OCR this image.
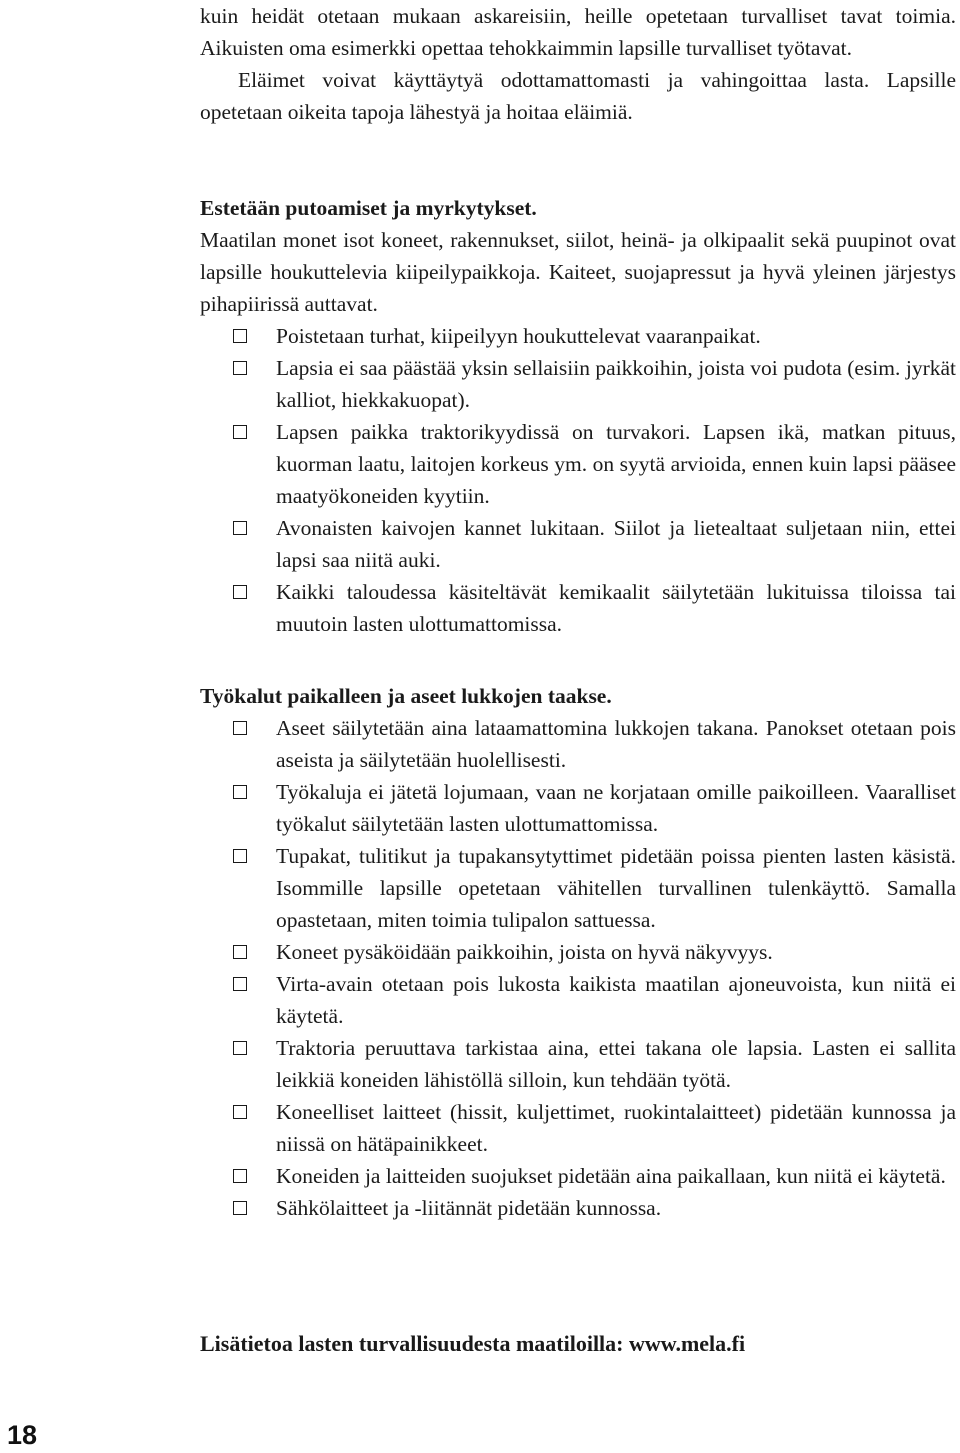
kuin heidät otetaan mukaan askareisiin, heille opetetaan turvalliset tavat toimia. Aikuisten oma esimerkki opettaa tehokkaimmin lapsille turvalliset työtavat.

Eläimet voivat käyttäytyä odottamattomasti ja vahingoittaa lasta. Lapsille opetetaan oikeita tapoja lähestyä ja hoitaa eläimiä.

Estetään putoamiset ja myrkytykset.

Maatilan monet isot koneet, rakennukset, siilot, heinä- ja olkipaalit sekä puupinot ovat lapsille houkuttelevia kiipeilypaikkoja. Kaiteet, suojapressut ja hyvä yleinen järjestys pihapiirissä auttavat.

Poistetaan turhat, kiipeilyyn houkuttelevat vaaranpaikat.
Lapsia ei saa päästää yksin sellaisiin paikkoihin, joista voi pudota (esim. jyrkät kalliot, hiekkakuopat).
Lapsen paikka traktorikyydissä on turvakori. Lapsen ikä, matkan pituus, kuorman laatu, laitojen korkeus ym. on syytä arvioida, ennen kuin lapsi pääsee maatyökoneiden kyytiin.
Avonaisten kaivojen kannet lukitaan. Siilot ja lietealtaat suljetaan niin, ettei lapsi saa niitä auki.
Kaikki taloudessa käsiteltävät kemikaalit säilytetään lukituissa tiloissa tai muutoin lasten ulottumattomissa.

Työkalut paikalleen ja aseet lukkojen taakse.

Aseet säilytetään aina lataamattomina lukkojen takana. Panokset otetaan pois aseista ja säilytetään huolellisesti.
Työkaluja ei jätetä lojumaan, vaan ne korjataan omille paikoilleen. Vaaralliset työkalut säilytetään lasten ulottumattomissa.
Tupakat, tulitikut ja tupakansytyttimet pidetään poissa pienten lasten käsistä. Isommille lapsille opetetaan vähitellen turvallinen tulenkäyttö. Samalla opastetaan, miten toimia tulipalon sattuessa.
Koneet pysäköidään paikkoihin, joista on hyvä näkyvyys.
Virta-avain otetaan pois lukosta kaikista maatilan ajoneuvoista, kun niitä ei käytetä.
Traktoria peruuttava tarkistaa aina, ettei takana ole lapsia. Lasten ei sallita leikkiä koneiden lähistöllä silloin, kun tehdään työtä.
Koneelliset laitteet (hissit, kuljettimet, ruokintalaitteet) pidetään kunnossa ja niissä on hätäpainikkeet.
Koneiden ja laitteiden suojukset pidetään aina paikallaan, kun niitä ei käytetä.
Sähkölaitteet ja -liitännät pidetään kunnossa.

Lisätietoa lasten turvallisuudesta maatiloilla: www.mela.fi

18
